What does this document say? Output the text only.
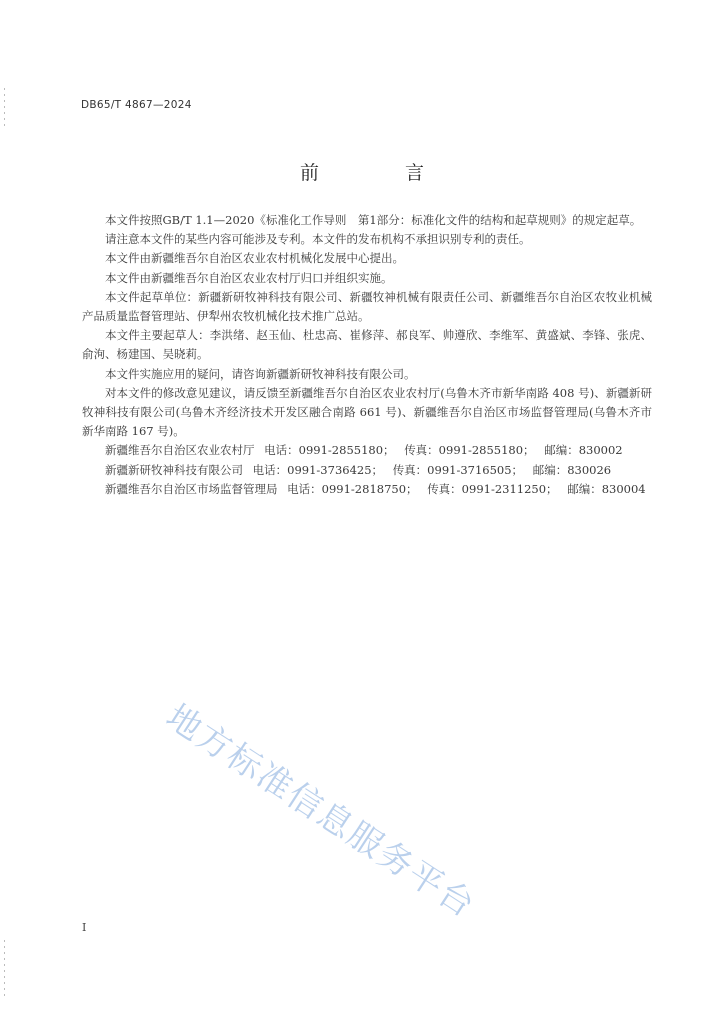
DB65/T 4867—2024
前 言

本文件按照GB/T 1.1—2020《标准化工作导则　第1部分：标准化文件的结构和起草规则》的规定起草。

请注意本文件的某些内容可能涉及专利。本文件的发布机构不承担识别专利的责任。

本文件由新疆维吾尔自治区农业农村机械化发展中心提出。

本文件由新疆维吾尔自治区农业农村厅归口并组织实施。

本文件起草单位：新疆新研牧神科技有限公司、新疆牧神机械有限责任公司、新疆维吾尔自治区农牧业机械产品质量监督管理站、伊犁州农牧机械化技术推广总站。

本文件主要起草人：李洪绪、赵玉仙、杜忠高、崔修萍、郝良军、帅遵欣、李维军、黄盛斌、李锋、张虎、俞洵、杨建国、吴晓莉。

本文件实施应用的疑问，请咨询新疆新研牧神科技有限公司。

对本文件的修改意见建议，请反馈至新疆维吾尔自治区农业农村厅(乌鲁木齐市新华南路 408 号)、新疆新研牧神科技有限公司(乌鲁木齐经济技术开发区融合南路 661 号)、新疆维吾尔自治区市场监督管理局(乌鲁木齐市新华南路 167 号)。

新疆维吾尔自治区农业农村厅 电话：0991-2855180； 传真：0991-2855180； 邮编：830002

新疆新研牧神科技有限公司 电话：0991-3736425； 传真：0991-3716505； 邮编：830026

新疆维吾尔自治区市场监督管理局 电话：0991-2818750； 传真：0991-2311250； 邮编：830004

地方标准信息服务平台
I
